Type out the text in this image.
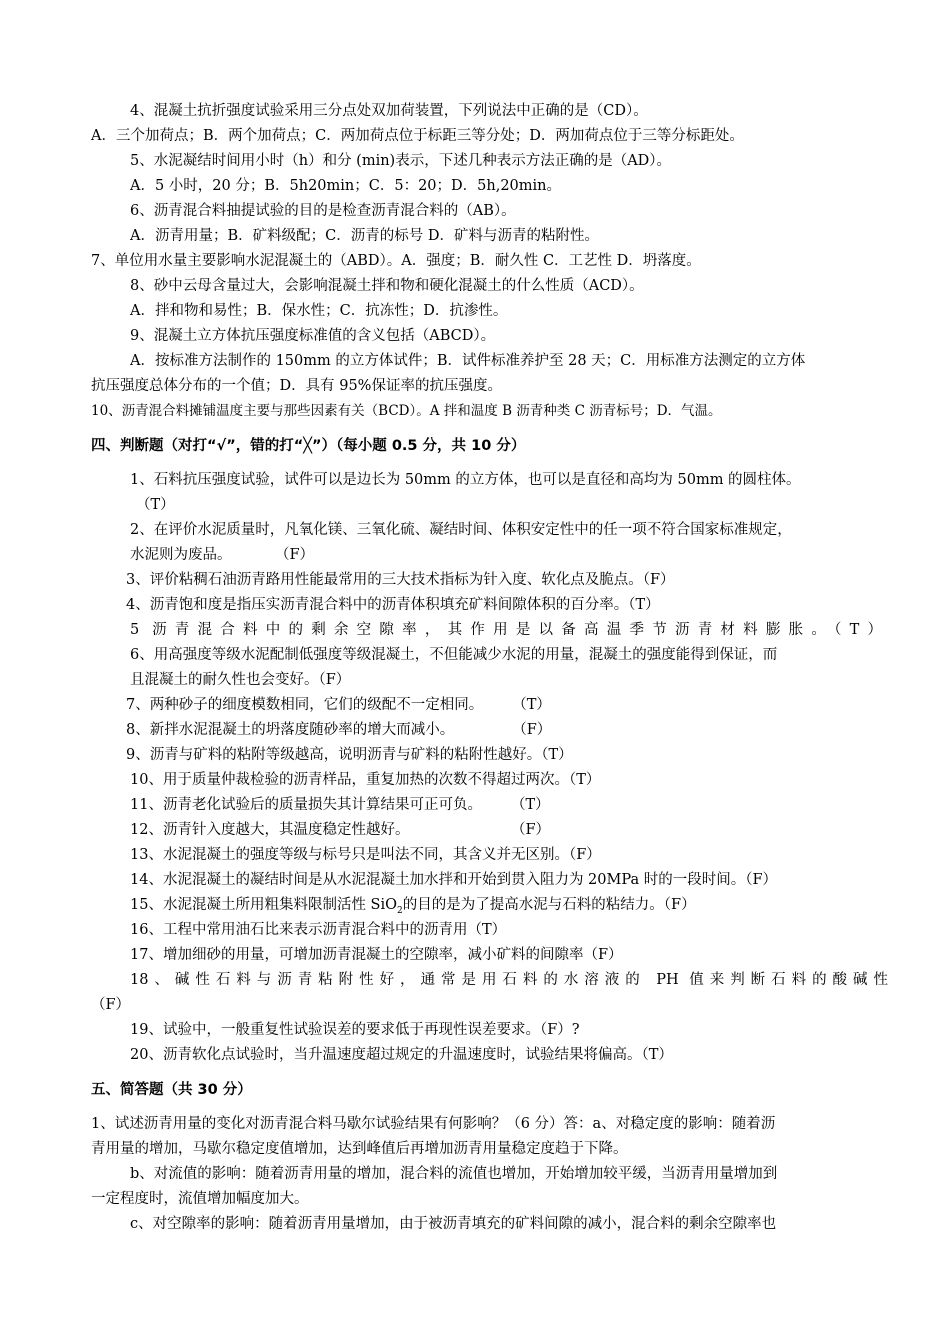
4、混凝土抗折强度试验采用三分点处双加荷装置，下列说法中正确的是（CD）。
A．三个加荷点；B．两个加荷点；C．两加荷点位于标距三等分处；D．两加荷点位于三等分标距处。
5、水泥凝结时间用小时（h）和分 (min)表示，下述几种表示方法正确的是（AD）。
A．5 小时，20 分；B．5h20min；C．5：20；D．5h,20min。
6、沥青混合料抽提试验的目的是检查沥青混合料的（AB）。
A．沥青用量；B．矿料级配；C．沥青的标号 D．矿料与沥青的粘附性。
7、单位用水量主要影响水泥混凝土的（ABD）。A．强度；B．耐久性 C．工艺性 D．坍落度。
8、砂中云母含量过大，会影响混凝土拌和物和硬化混凝土的什么性质（ACD）。
A．拌和物和易性；B．保水性；C．抗冻性；D．抗渗性。
9、混凝土立方体抗压强度标准值的含义包括（ABCD）。
A．按标准方法制作的 150mm 的立方体试件；B．试件标准养护至 28 天；C．用标准方法测定的立方体
抗压强度总体分布的一个值；D．具有 95%保证率的抗压强度。
10、沥青混合料摊铺温度主要与那些因素有关（BCD）。A 拌和温度 B 沥青种类 C 沥青标号；D．气温。
四、判断题（对打“√”，错的打“╳”）（每小题 0.5 分，共 10 分）
1、石料抗压强度试验，试件可以是边长为 50mm 的立方体，也可以是直径和高均为 50mm 的圆柱体。
（T）
2、在评价水泥质量时，凡氧化镁、三氧化硫、凝结时间、体积安定性中的任一项不符合国家标准规定，
水泥则为废品。　　　　（F）
3、评价粘稠石油沥青路用性能最常用的三大技术指标为针入度、软化点及脆点。（F）
4、沥青饱和度是指压实沥青混合料中的沥青体积填充矿料间隙体积的百分率。（T）
5 沥青混合料中的剩余空隙率，其作用是以备高温季节沥青材料膨胀。（T）
6、用高强度等级水泥配制低强度等级混凝土，不但能减少水泥的用量，混凝土的强度能得到保证，而
且混凝土的耐久性也会变好。（F）
7、两种砂子的细度模数相同，它们的级配不一定相同。　　　（T）
8、新拌水泥混凝土的坍落度随砂率的增大而减小。　　　　　（F）
9、沥青与矿料的粘附等级越高，说明沥青与矿料的粘附性越好。（T）
10、用于质量仲裁检验的沥青样品，重复加热的次数不得超过两次。（T）
11、沥青老化试验后的质量损失其计算结果可正可负。　　　（T）
12、沥青针入度越大，其温度稳定性越好。　　　　　　　　（F）
13、水泥混凝土的强度等级与标号只是叫法不同，其含义并无区别。（F）
14、水泥混凝土的凝结时间是从水泥混凝土加水拌和开始到贯入阻力为 20MPa 时的一段时间。（F）
15、水泥混凝土所用粗集料限制活性 SiO$_2$的目的是为了提高水泥与石料的粘结力。（F）
16、工程中常用油石比来表示沥青混合料中的沥青用（T）
17、增加细砂的用量，可增加沥青混凝土的空隙率，减小矿料的间隙率（F）
18、碱性石料与沥青粘附性好，通常是用石料的水溶液的 PH 值来判断石料的酸碱性
（F）
19、试验中，一般重复性试验误差的要求低于再现性误差要求。（F）?
20、沥青软化点试验时，当升温速度超过规定的升温速度时，试验结果将偏高。（T）
五、简答题（共 30 分）
1、试述沥青用量的变化对沥青混合料马歇尔试验结果有何影响？（6 分）答：a、对稳定度的影响：随着沥
青用量的增加，马歇尔稳定度值增加，达到峰值后再增加沥青用量稳定度趋于下降。
b、对流值的影响：随着沥青用量的增加，混合料的流值也增加，开始增加较平缓，当沥青用量增加到
一定程度时，流值增加幅度加大。
c、对空隙率的影响：随着沥青用量增加，由于被沥青填充的矿料间隙的减小，混合料的剩余空隙率也
